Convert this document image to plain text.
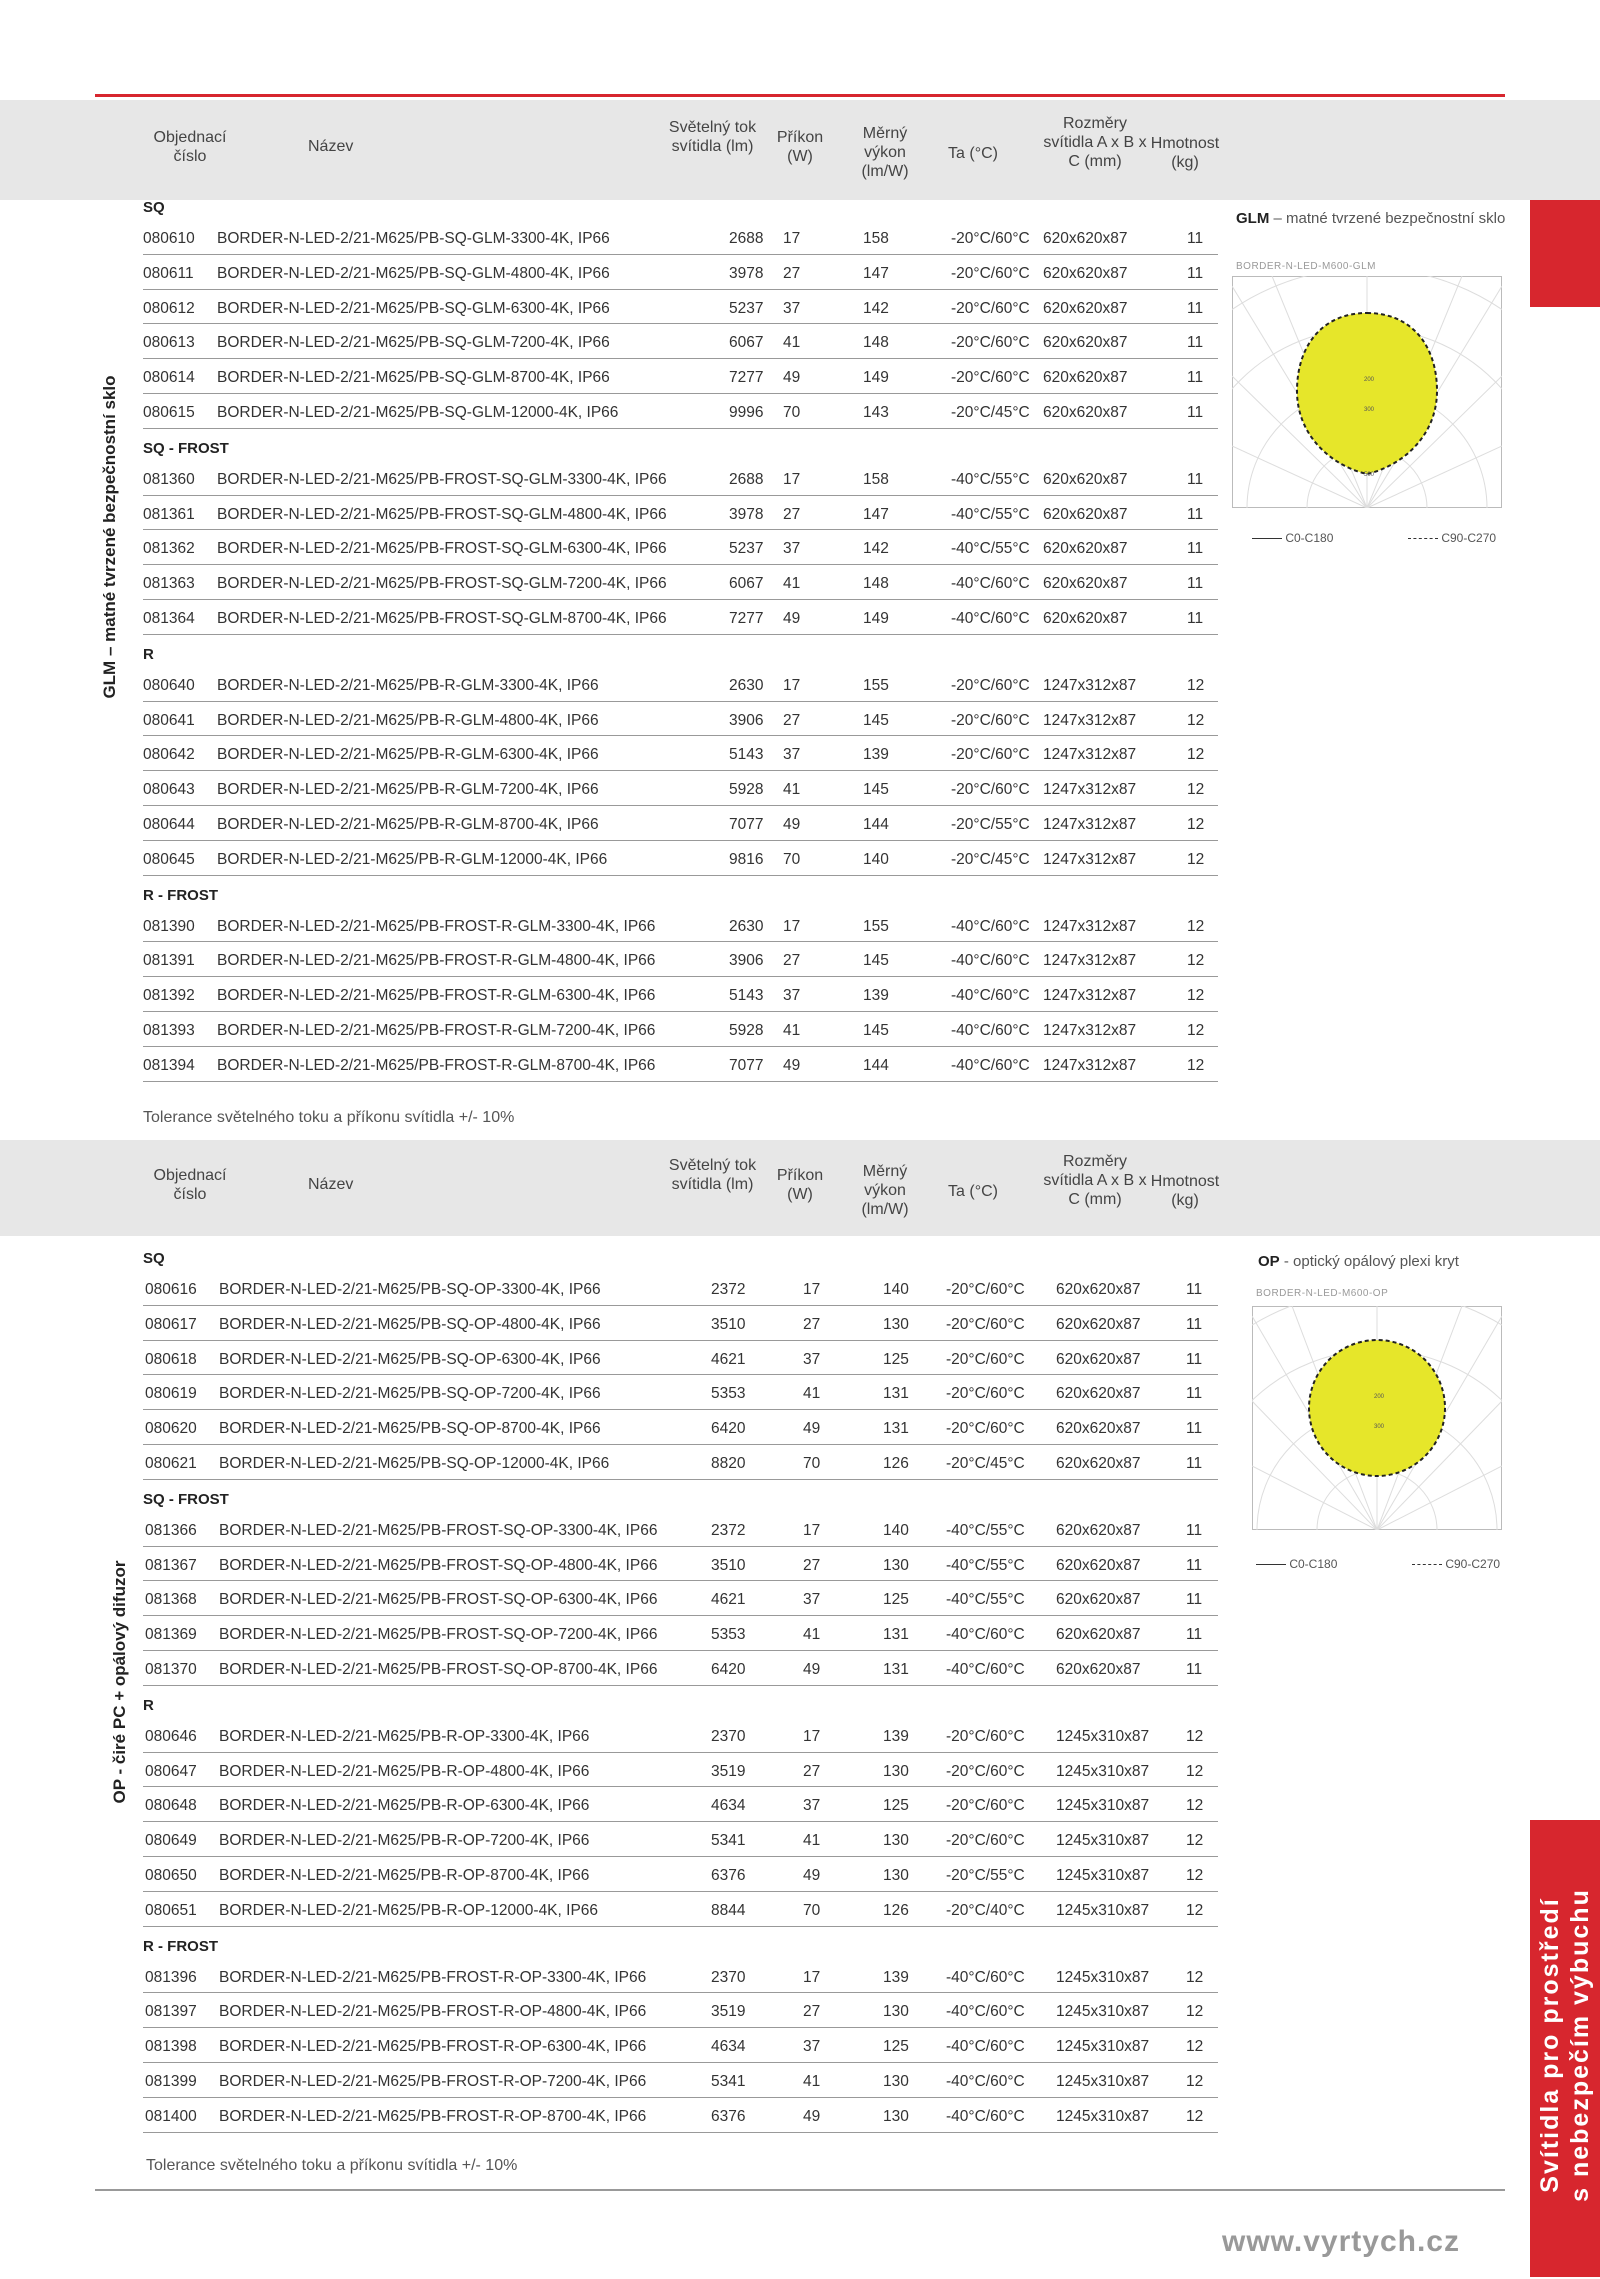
Objednací číslo
Název
Světelný tok svítidla (lm)
Příkon (W)
Měrný výkon (lm/W)
Ta (°C)
Rozměry svítidla A x B x C (mm)
Hmotnost (kg)
SQ
080610 BORDER-N-LED-2/21-M625/PB-SQ-GLM-3300-4K, IP66	2688 17	158	-20°C/60°C 620x620x87	11
080611 BORDER-N-LED-2/21-M625/PB-SQ-GLM-4800-4K, IP66	3978 27	147	-20°C/60°C 620x620x87	11
080612 BORDER-N-LED-2/21-M625/PB-SQ-GLM-6300-4K, IP66	5237 37	142	-20°C/60°C 620x620x87	11
080613 BORDER-N-LED-2/21-M625/PB-SQ-GLM-7200-4K, IP66	6067 41	148	-20°C/60°C 620x620x87	11
080614 BORDER-N-LED-2/21-M625/PB-SQ-GLM-8700-4K, IP66	7277 49	149	-20°C/60°C 620x620x87	11
080615 BORDER-N-LED-2/21-M625/PB-SQ-GLM-12000-4K, IP66	9996 70	143	-20°C/45°C 620x620x87	11
SQ - FROST
081360 BORDER-N-LED-2/21-M625/PB-FROST-SQ-GLM-3300-4K, IP66	2688 17	158	-40°C/55°C 620x620x87	11
081361 BORDER-N-LED-2/21-M625/PB-FROST-SQ-GLM-4800-4K, IP66	3978 27	147	-40°C/55°C 620x620x87	11
081362 BORDER-N-LED-2/21-M625/PB-FROST-SQ-GLM-6300-4K, IP66	5237 37	142	-40°C/55°C 620x620x87	11
081363 BORDER-N-LED-2/21-M625/PB-FROST-SQ-GLM-7200-4K, IP66	6067 41	148	-40°C/60°C 620x620x87	11
081364 BORDER-N-LED-2/21-M625/PB-FROST-SQ-GLM-8700-4K, IP66	7277 49	149	-40°C/60°C 620x620x87	11
R
080640 BORDER-N-LED-2/21-M625/PB-R-GLM-3300-4K, IP66	2630 17	155	-20°C/60°C 1247x312x87	12
080641 BORDER-N-LED-2/21-M625/PB-R-GLM-4800-4K, IP66	3906 27	145	-20°C/60°C 1247x312x87	12
080642 BORDER-N-LED-2/21-M625/PB-R-GLM-6300-4K, IP66	5143 37	139	-20°C/60°C 1247x312x87	12
080643 BORDER-N-LED-2/21-M625/PB-R-GLM-7200-4K, IP66	5928 41	145	-20°C/60°C 1247x312x87	12
080644 BORDER-N-LED-2/21-M625/PB-R-GLM-8700-4K, IP66	7077 49	144	-20°C/55°C 1247x312x87	12
080645 BORDER-N-LED-2/21-M625/PB-R-GLM-12000-4K, IP66	9816 70	140	-20°C/45°C 1247x312x87	12
R - FROST
081390 BORDER-N-LED-2/21-M625/PB-FROST-R-GLM-3300-4K, IP66	2630 17	155	-40°C/60°C 1247x312x87	12
081391 BORDER-N-LED-2/21-M625/PB-FROST-R-GLM-4800-4K, IP66	3906 27	145	-40°C/60°C 1247x312x87	12
081392 BORDER-N-LED-2/21-M625/PB-FROST-R-GLM-6300-4K, IP66	5143 37	139	-40°C/60°C 1247x312x87	12
081393 BORDER-N-LED-2/21-M625/PB-FROST-R-GLM-7200-4K, IP66	5928 41	145	-40°C/60°C 1247x312x87	12
081394 BORDER-N-LED-2/21-M625/PB-FROST-R-GLM-8700-4K, IP66	7077 49	144	-40°C/60°C 1247x312x87	12
Tolerance světelného toku a příkonu svítidla +/- 10%
GLM – matné tvrzené bezpečnostní sklo
GLM – matné tvrzené bezpečnostní sklo
BORDER-N-LED-M600-GLM
200
300
500
C0-C180	C90-C270
Objednací číslo
Název
Světelný tok svítidla (lm)
Příkon (W)
Měrný výkon (lm/W)
Ta (°C)
Rozměry svítidla A x B x C (mm)
Hmotnost (kg)
SQ
080616 BORDER-N-LED-2/21-M625/PB-SQ-OP-3300-4K, IP66	2372	17	140 -20°C/60°C 620x620x87	11
080617 BORDER-N-LED-2/21-M625/PB-SQ-OP-4800-4K, IP66	3510	27	130 -20°C/60°C 620x620x87	11
080618 BORDER-N-LED-2/21-M625/PB-SQ-OP-6300-4K, IP66	4621	37	125 -20°C/60°C 620x620x87	11
080619 BORDER-N-LED-2/21-M625/PB-SQ-OP-7200-4K, IP66	5353	41	131 -20°C/60°C 620x620x87	11
080620 BORDER-N-LED-2/21-M625/PB-SQ-OP-8700-4K, IP66	6420	49	131 -20°C/60°C 620x620x87	11
080621 BORDER-N-LED-2/21-M625/PB-SQ-OP-12000-4K, IP66	8820	70	126 -20°C/45°C 620x620x87	11
SQ - FROST
081366 BORDER-N-LED-2/21-M625/PB-FROST-SQ-OP-3300-4K, IP66	2372	17	140 -40°C/55°C 620x620x87	11
081367 BORDER-N-LED-2/21-M625/PB-FROST-SQ-OP-4800-4K, IP66	3510	27	130 -40°C/55°C 620x620x87	11
081368 BORDER-N-LED-2/21-M625/PB-FROST-SQ-OP-6300-4K, IP66	4621	37	125 -40°C/55°C 620x620x87	11
081369 BORDER-N-LED-2/21-M625/PB-FROST-SQ-OP-7200-4K, IP66	5353	41	131 -40°C/60°C 620x620x87	11
081370 BORDER-N-LED-2/21-M625/PB-FROST-SQ-OP-8700-4K, IP66	6420	49	131 -40°C/60°C 620x620x87	11
R
080646 BORDER-N-LED-2/21-M625/PB-R-OP-3300-4K, IP66	2370	17	139 -20°C/60°C 1245x310x87 12
080647 BORDER-N-LED-2/21-M625/PB-R-OP-4800-4K, IP66	3519	27	130 -20°C/60°C 1245x310x87 12
080648 BORDER-N-LED-2/21-M625/PB-R-OP-6300-4K, IP66	4634	37	125 -20°C/60°C 1245x310x87 12
080649 BORDER-N-LED-2/21-M625/PB-R-OP-7200-4K, IP66	5341	41	130 -20°C/60°C 1245x310x87 12
080650 BORDER-N-LED-2/21-M625/PB-R-OP-8700-4K, IP66	6376	49	130 -20°C/55°C 1245x310x87 12
080651 BORDER-N-LED-2/21-M625/PB-R-OP-12000-4K, IP66	8844	70	126 -20°C/40°C 1245x310x87 12
R - FROST
081396 BORDER-N-LED-2/21-M625/PB-FROST-R-OP-3300-4K, IP66	2370	17	139 -40°C/60°C 1245x310x87 12
081397 BORDER-N-LED-2/21-M625/PB-FROST-R-OP-4800-4K, IP66	3519	27	130 -40°C/60°C 1245x310x87 12
081398 BORDER-N-LED-2/21-M625/PB-FROST-R-OP-6300-4K, IP66	4634	37	125 -40°C/60°C 1245x310x87 12
081399 BORDER-N-LED-2/21-M625/PB-FROST-R-OP-7200-4K, IP66	5341	41	130 -40°C/60°C 1245x310x87 12
081400 BORDER-N-LED-2/21-M625/PB-FROST-R-OP-8700-4K, IP66	6376	49	130 -40°C/60°C 1245x310x87 12
Tolerance světelného toku a příkonu svítidla +/- 10%
OP - čiré PC + opálový difuzor
OP - optický opálový plexi kryt
BORDER-N-LED-M600-OP
200
300
C0-C180	C90-C270
Svítidla pro prostředí s nebezpečím výbuchu
www.vyrtych.cz
